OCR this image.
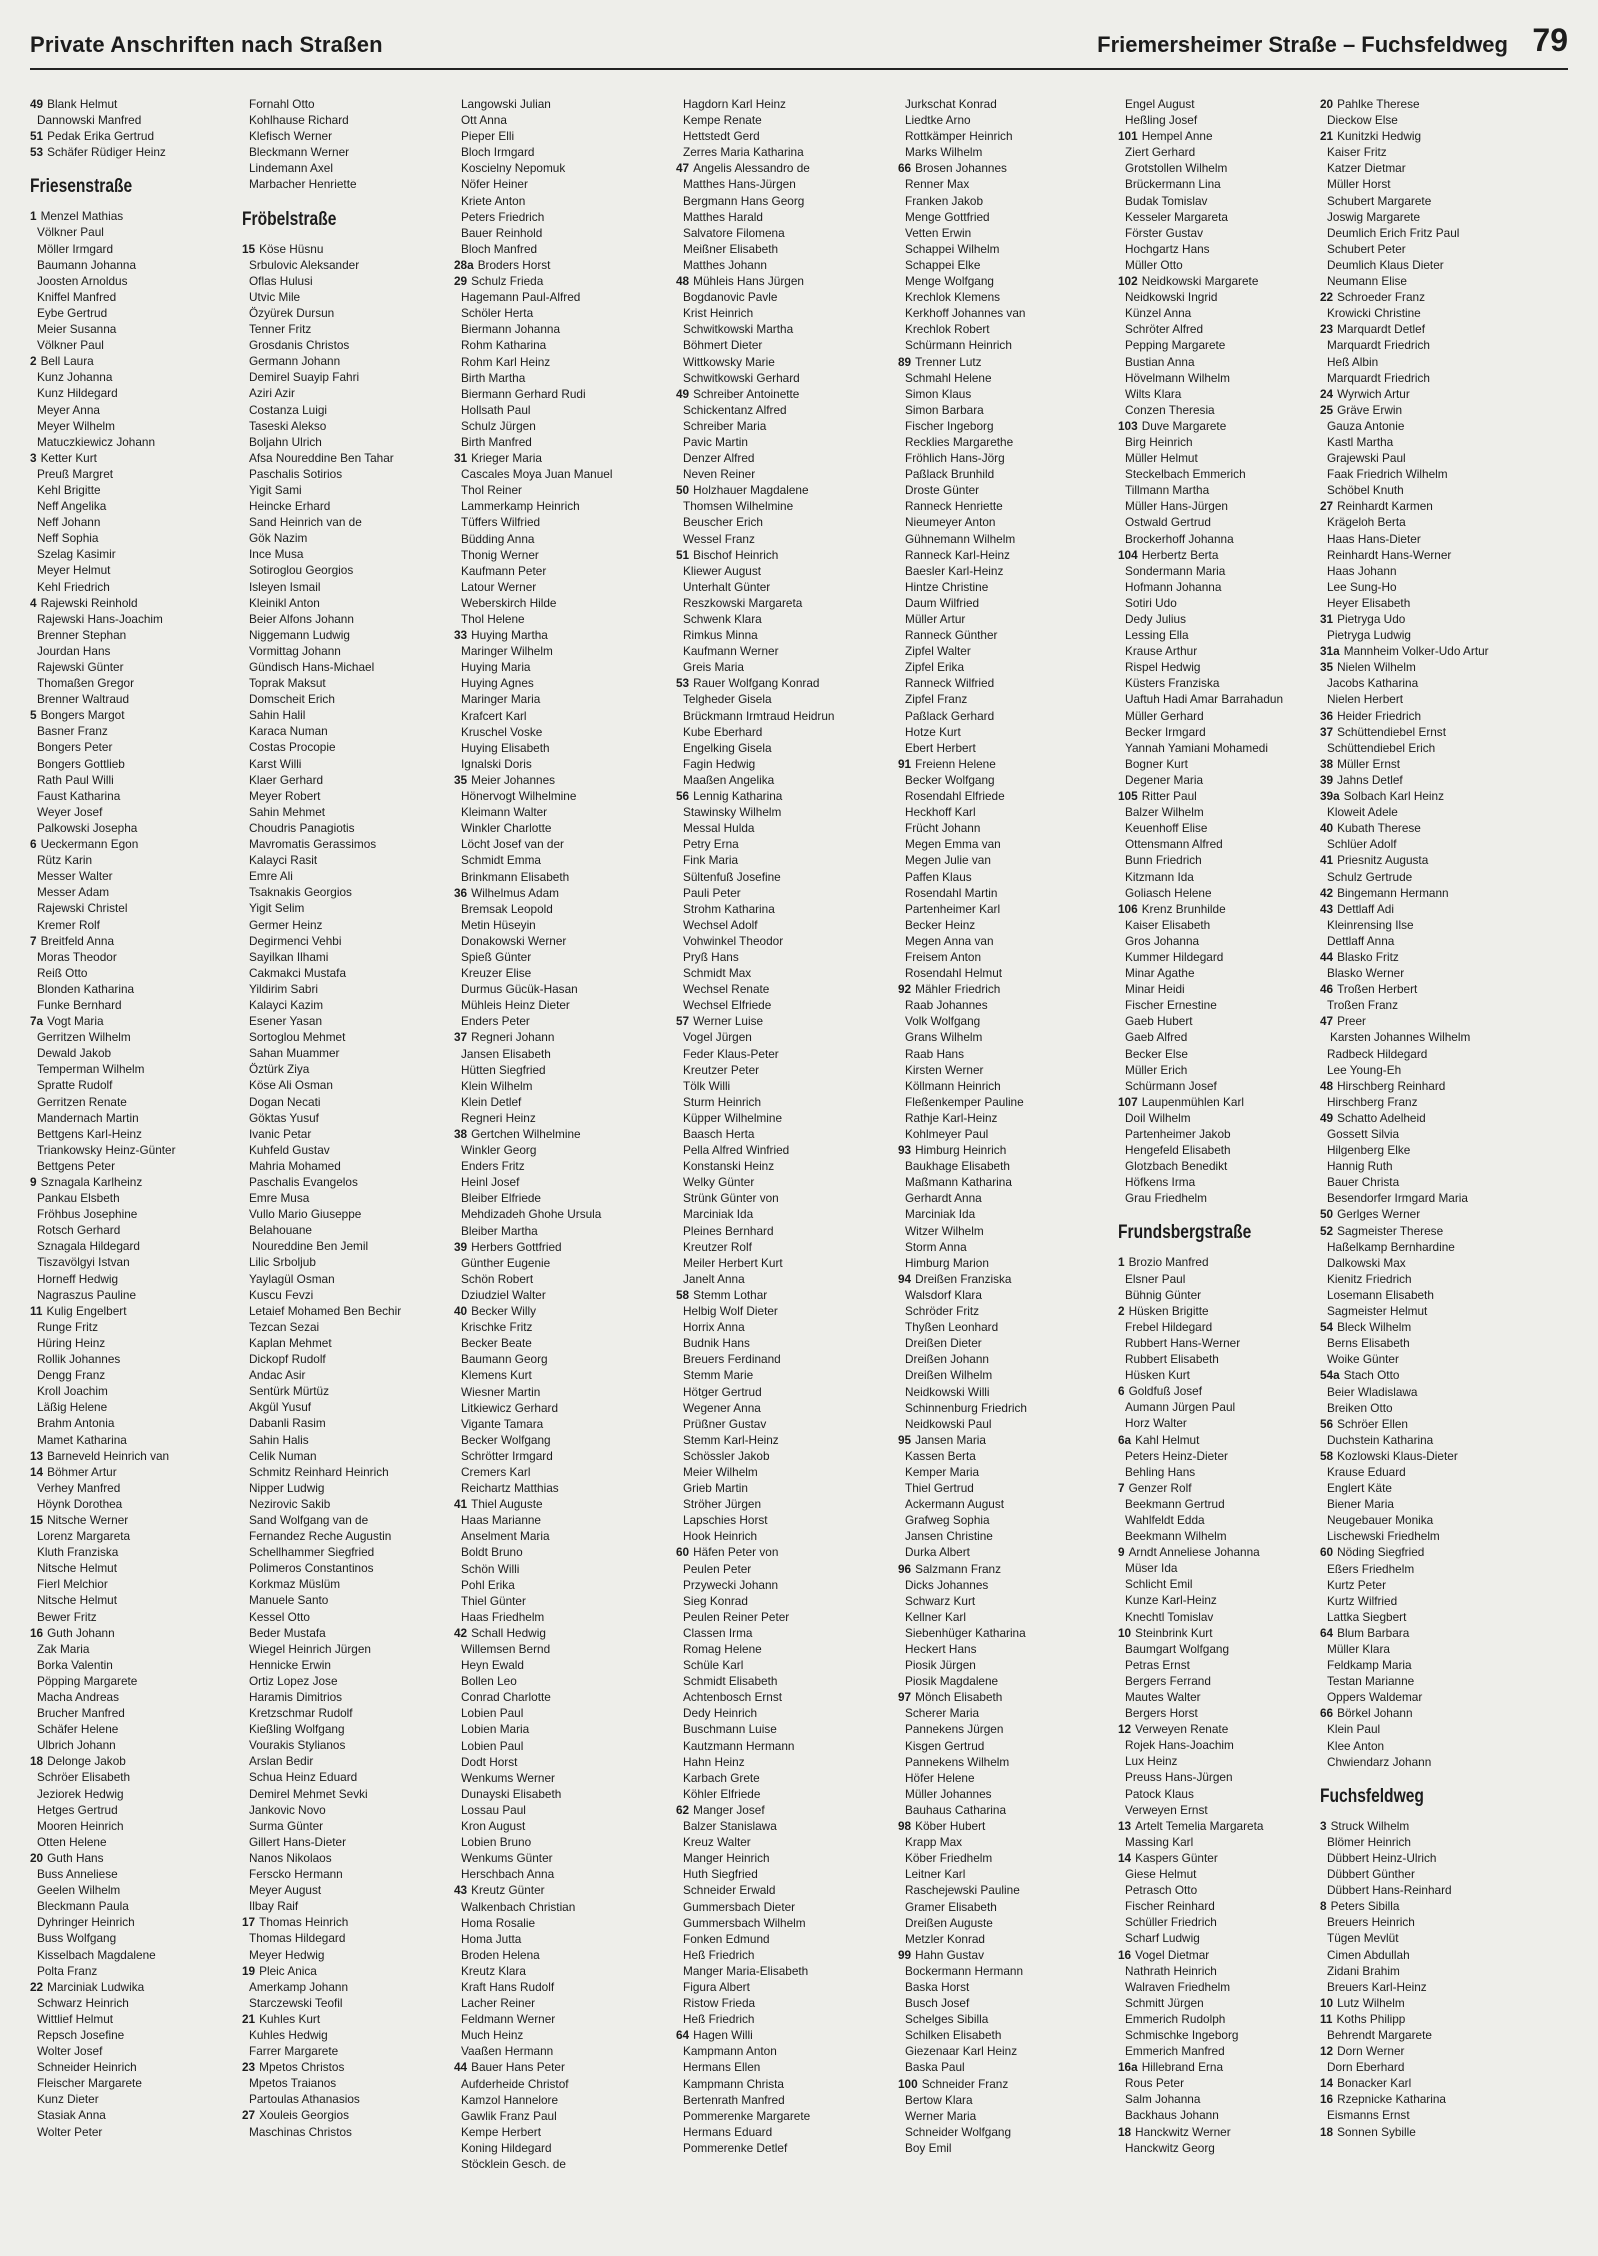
Private Anschriften nach Straßen	Friemersheimer Straße – Fuchsfeldweg 79
49 Blank Helmut
Dannowski Manfred
51 Pedak Erika Gertrud
53 Schäfer Rüdiger Heinz
Friesenstraße
1 Menzel Mathias
Völkner Paul
Möller Irmgard
Baumann Johanna
Joosten Arnoldus
Kniffel Manfred
Eybe Gertrud
Meier Susanna
Völkner Paul
2 Bell Laura
Kunz Johanna
Kunz Hildegard
Meyer Anna
Meyer Wilhelm
Matuczkiewicz Johann
3 Ketter Kurt
Preuß Margret
Kehl Brigitte
Neff Angelika
Neff Johann
Neff Sophia
Szelag Kasimir
Meyer Helmut
Kehl Friedrich
4 Rajewski Reinhold
Rajewski Hans-Joachim
Brenner Stephan
Jourdan Hans
Rajewski Günter
Thomaßen Gregor
Brenner Waltraud
5 Bongers Margot
Basner Franz
Bongers Peter
Bongers Gottlieb
Rath Paul Willi
Faust Katharina
Weyer Josef
Palkowski Josepha
6 Ueckermann Egon
Rütz Karin
Messer Walter
Messer Adam
Rajewski Christel
Kremer Rolf
7 Breitfeld Anna
Moras Theodor
Reiß Otto
Blonden Katharina
Funke Bernhard
7a Vogt Maria
Gerritzen Wilhelm
Dewald Jakob
Temperman Wilhelm
Spratte Rudolf
Gerritzen Renate
Mandernach Martin
Bettgens Karl-Heinz
Triankowsky Heinz-Günter
Bettgens Peter
9 Sznagala Karlheinz
Pankau Elsbeth
Fröhbus Josephine
Rotsch Gerhard
Sznagala Hildegard
Tiszavölgyi Istvan
Horneff Hedwig
Nagraszus Pauline
11 Kulig Engelbert
Runge Fritz
Hüring Heinz
Rollik Johannes
Dengg Franz
Kroll Joachim
Läßig Helene
Brahm Antonia
Mamet Katharina
13 Barneveld Heinrich van
14 Böhmer Artur
Verhey Manfred
Höynk Dorothea
15 Nitsche Werner
Lorenz Margareta
Kluth Franziska
Nitsche Helmut
Fierl Melchior
Nitsche Helmut
Bewer Fritz
16 Guth Johann
Zak Maria
Borka Valentin
Pöpping Margarete
Macha Andreas
Brucher Manfred
Schäfer Helene
Ulbrich Johann
18 Delonge Jakob
Schröer Elisabeth
Jeziorek Hedwig
Hetges Gertrud
Mooren Heinrich
Otten Helene
20 Guth Hans
Buss Anneliese
Geelen Wilhelm
Bleckmann Paula
Dyhringer Heinrich
Buss Wolfgang
Kisselbach Magdalene
Polta Franz
22 Marciniak Ludwika
Schwarz Heinrich
Wittlief Helmut
Repsch Josefine
Wolter Josef
Schneider Heinrich
Fleischer Margarete
Kunz Dieter
Stasiak Anna
Wolter Peter
Fornahl Otto
Kohlhause Richard
Klefisch Werner
Bleckmann Werner
Lindemann Axel
Marbacher Henriette
Fröbelstraße
15 Köse Hüsnu
Srbulovic Aleksander
Oflas Hulusi
Utvic Mile
Özyürek Dursun
Tenner Fritz
Grosdanis Christos
Germann Johann
Demirel Suayip Fahri
Aziri Azir
Costanza Luigi
Taseski Alekso
Boljahn Ulrich
Afsa Noureddine Ben Tahar
Paschalis Sotirios
Yigit Sami
Heincke Erhard
Sand Heinrich van de
Gök Nazim
Ince Musa
Sotiroglou Georgios
Isleyen Ismail
Kleinikl Anton
Beier Alfons Johann
Niggemann Ludwig
Vormittag Johann
Gündisch Hans-Michael
Toprak Maksut
Domscheit Erich
Sahin Halil
Karaca Numan
Costas Procopie
Karst Willi
Klaer Gerhard
Meyer Robert
Sahin Mehmet
Choudris Panagiotis
Mavromatis Gerassimos
Kalayci Rasit
Emre Ali
Tsaknakis Georgios
Yigit Selim
Germer Heinz
Degirmenci Vehbi
Sayilkan Ilhami
Cakmakci Mustafa
Yildirim Sabri
Kalayci Kazim
Esener Yasan
Sortoglou Mehmet
Sahan Muammer
Öztürk Ziya
Köse Ali Osman
Dogan Necati
Göktas Yusuf
Ivanic Petar
Kuhfeld Gustav
Mahria Mohamed
Paschalis Evangelos
Emre Musa
Vullo Mario Giuseppe
Belahouane
Noureddine Ben Jemil
Lilic Srboljub
Yaylagül Osman
Kuscu Fevzi
Letaief Mohamed Ben Bechir
Tezcan Sezai
Kaplan Mehmet
Dickopf Rudolf
Andac Asir
Sentürk Mürtüz
Akgül Yusuf
Dabanli Rasim
Sahin Halis
Celik Numan
Schmitz Reinhard Heinrich
Nipper Ludwig
Nezirovic Sakib
Sand Wolfgang van de
Fernandez Reche Augustin
Schellhammer Siegfried
Polimeros Constantinos
Korkmaz Müslüm
Manuele Santo
Kessel Otto
Beder Mustafa
Wiegel Heinrich Jürgen
Hennicke Erwin
Ortiz Lopez Jose
Haramis Dimitrios
Kretzschmar Rudolf
Kießling Wolfgang
Vourakis Stylianos
Arslan Bedir
Schua Heinz Eduard
Demirel Mehmet Sevki
Jankovic Novo
Surma Günter
Gillert Hans-Dieter
Nanos Nikolaos
Ferscko Hermann
Meyer August
Ilbay Raif
17 Thomas Heinrich
Thomas Hildegard
Meyer Hedwig
19 Pleic Anica
Amerkamp Johann
Starczewski Teofil
21 Kuhles Kurt
Kuhles Hedwig
Farrer Margarete
23 Mpetos Christos
Mpetos Traianos
Partoulas Athanasios
27 Xouleis Georgios
Maschinas Christos
Langowski Julian
Ott Anna
Pieper Elli
Bloch Irmgard
Koscielny Nepomuk
Nöfer Heiner
Kriete Anton
Peters Friedrich
Bauer Reinhold
Bloch Manfred
28a Broders Horst
29 Schulz Frieda
Hagemann Paul-Alfred
Schöler Herta
Biermann Johanna
Rohm Katharina
Rohm Karl Heinz
Birth Martha
Biermann Gerhard Rudi
Hollsath Paul
Schulz Jürgen
Birth Manfred
31 Krieger Maria
Cascales Moya Juan Manuel
Thol Reiner
Lammerkamp Heinrich
Tüffers Wilfried
Büdding Anna
Thonig Werner
Kaufmann Peter
Latour Werner
Weberskirch Hilde
Thol Helene
33 Huying Martha
Maringer Wilhelm
Huying Maria
Huying Agnes
Maringer Maria
Krafcert Karl
Kruschel Voske
Huying Elisabeth
Ignalski Doris
35 Meier Johannes
Hönervogt Wilhelmine
Kleimann Walter
Winkler Charlotte
Löcht Josef van der
Schmidt Emma
Brinkmann Elisabeth
36 Wilhelmus Adam
Bremsak Leopold
Metin Hüseyin
Donakowski Werner
Spieß Günter
Kreuzer Elise
Durmus Gücük-Hasan
Mühleis Heinz Dieter
Enders Peter
37 Regneri Johann
Jansen Elisabeth
Hütten Siegfried
Klein Wilhelm
Klein Detlef
Regneri Heinz
38 Gertchen Wilhelmine
Winkler Georg
Enders Fritz
Heinl Josef
Bleiber Elfriede
Mehdizadeh Ghohe Ursula
Bleiber Martha
39 Herbers Gottfried
Günther Eugenie
Schön Robert
Dziudziel Walter
40 Becker Willy
Krischke Fritz
Becker Beate
Baumann Georg
Klemens Kurt
Wiesner Martin
Litkiewicz Gerhard
Vigante Tamara
Becker Wolfgang
Schrötter Irmgard
Cremers Karl
Reichartz Matthias
41 Thiel Auguste
Haas Marianne
Anselment Maria
Boldt Bruno
Schön Willi
Pohl Erika
Thiel Günter
Haas Friedhelm
42 Schall Hedwig
Willemsen Bernd
Heyn Ewald
Bollen Leo
Conrad Charlotte
Lobien Paul
Lobien Maria
Lobien Paul
Dodt Horst
Wenkums Werner
Dunayski Elisabeth
Lossau Paul
Kron August
Lobien Bruno
Wenkums Günter
Herschbach Anna
43 Kreutz Günter
Walkenbach Christian
Homa Rosalie
Homa Jutta
Broden Helena
Kreutz Klara
Kraft Hans Rudolf
Lacher Reiner
Feldmann Werner
Much Heinz
Vaaßen Hermann
44 Bauer Hans Peter
Aufderheide Christof
Kamzol Hannelore
Gawlik Franz Paul
Kempe Herbert
Koning Hildegard
Stöcklein Gesch. de
Hagdorn Karl Heinz
Kempe Renate
Hettstedt Gerd
Zerres Maria Katharina
47 Angelis Alessandro de
Matthes Hans-Jürgen
Bergmann Hans Georg
Matthes Harald
Salvatore Filomena
Meißner Elisabeth
Matthes Johann
48 Mühleis Hans Jürgen
Bogdanovic Pavle
Krist Heinrich
Schwitkowski Martha
Böhmert Dieter
Wittkowsky Marie
Schwitkowski Gerhard
49 Schreiber Antoinette
Schickentanz Alfred
Schreiber Maria
Pavic Martin
Denzer Alfred
Neven Reiner
50 Holzhauer Magdalene
Thomsen Wilhelmine
Beuscher Erich
Wessel Franz
51 Bischof Heinrich
Kliewer August
Unterhalt Günter
Reszkowski Margareta
Schwenk Klara
Rimkus Minna
Kaufmann Werner
Greis Maria
53 Rauer Wolfgang Konrad
Telgheder Gisela
Brückmann Irmtraud Heidrun
Kube Eberhard
Engelking Gisela
Fagin Hedwig
Maaßen Angelika
56 Lennig Katharina
Stawinsky Wilhelm
Messal Hulda
Petry Erna
Fink Maria
Sültenfuß Josefine
Pauli Peter
Strohm Katharina
Wechsel Adolf
Vohwinkel Theodor
Pryß Hans
Schmidt Max
Wechsel Renate
Wechsel Elfriede
57 Werner Luise
Vogel Jürgen
Feder Klaus-Peter
Kreutzer Peter
Tölk Willi
Sturm Heinrich
Küpper Wilhelmine
Baasch Herta
Pella Alfred Winfried
Konstanski Heinz
Welky Günter
Strünk Günter von
Marciniak Ida
Pleines Bernhard
Kreutzer Rolf
Meiler Herbert Kurt
Janelt Anna
58 Stemm Lothar
Helbig Wolf Dieter
Horrix Anna
Budnik Hans
Breuers Ferdinand
Stemm Marie
Hötger Gertrud
Wegener Anna
Prüßner Gustav
Stemm Karl-Heinz
Schössler Jakob
Meier Wilhelm
Grieb Martin
Ströher Jürgen
Lapschies Horst
Hook Heinrich
60 Häfen Peter von
Peulen Peter
Przywecki Johann
Sieg Konrad
Peulen Reiner Peter
Classen Irma
Romag Helene
Schüle Karl
Schmidt Elisabeth
Achtenbosch Ernst
Dedy Heinrich
Buschmann Luise
Kautzmann Hermann
Hahn Heinz
Karbach Grete
Köhler Elfriede
62 Manger Josef
Balzer Stanislawa
Kreuz Walter
Manger Heinrich
Huth Siegfried
Schneider Erwald
Gummersbach Dieter
Gummersbach Wilhelm
Fonken Edmund
Heß Friedrich
Manger Maria-Elisabeth
Figura Albert
Ristow Frieda
Heß Friedrich
64 Hagen Willi
Kampmann Anton
Hermans Ellen
Kampmann Christa
Bertenrath Manfred
Pommerenke Margarete
Hermans Eduard
Pommerenke Detlef
Jurkschat Konrad
Liedtke Arno
Rottkämper Heinrich
Marks Wilhelm
66 Brosen Johannes
Renner Max
Franken Jakob
Menge Gottfried
Vetten Erwin
Schappei Wilhelm
Schappei Elke
Menge Wolfgang
Krechlok Klemens
Kerkhoff Johannes van
Krechlok Robert
Schürmann Heinrich
89 Trenner Lutz
Schmahl Helene
Simon Klaus
Simon Barbara
Fischer Ingeborg
Recklies Margarethe
Fröhlich Hans-Jörg
Paßlack Brunhild
Droste Günter
Ranneck Henriette
Nieumeyer Anton
Gühnemann Wilhelm
Ranneck Karl-Heinz
Baesler Karl-Heinz
Hintze Christine
Daum Wilfried
Müller Artur
Ranneck Günther
Zipfel Walter
Zipfel Erika
Ranneck Wilfried
Zipfel Franz
Paßlack Gerhard
Hotze Kurt
Ebert Herbert
91 Freienn Helene
Becker Wolfgang
Rosendahl Elfriede
Heckhoff Karl
Frücht Johann
Megen Emma van
Megen Julie van
Paffen Klaus
Rosendahl Martin
Partenheimer Karl
Becker Heinz
Megen Anna van
Freisem Anton
Rosendahl Helmut
92 Mähler Friedrich
Raab Johannes
Volk Wolfgang
Grans Wilhelm
Raab Hans
Kirsten Werner
Köllmann Heinrich
Fleßenkemper Pauline
Rathje Karl-Heinz
Kohlmeyer Paul
93 Himburg Heinrich
Baukhage Elisabeth
Maßmann Katharina
Gerhardt Anna
Marciniak Ida
Witzer Wilhelm
Storm Anna
Himburg Marion
94 Dreißen Franziska
Walsdorf Klara
Schröder Fritz
Thyßen Leonhard
Dreißen Dieter
Dreißen Johann
Dreißen Wilhelm
Neidkowski Willi
Schinnenburg Friedrich
Neidkowski Paul
95 Jansen Maria
Kassen Berta
Kemper Maria
Thiel Gertrud
Ackermann August
Grafweg Sophia
Jansen Christine
Durka Albert
96 Salzmann Franz
Dicks Johannes
Schwarz Kurt
Kellner Karl
Siebenhüger Katharina
Heckert Hans
Piosik Jürgen
Piosik Magdalene
97 Mönch Elisabeth
Scherer Maria
Pannekens Jürgen
Kisgen Gertrud
Pannekens Wilhelm
Höfer Helene
Müller Johannes
Bauhaus Catharina
98 Köber Hubert
Krapp Max
Köber Friedhelm
Leitner Karl
Raschejewski Pauline
Gramer Elisabeth
Dreißen Auguste
Metzler Konrad
99 Hahn Gustav
Bockermann Hermann
Baska Horst
Busch Josef
Schelges Sibilla
Schilken Elisabeth
Giezenaar Karl Heinz
Baska Paul
100 Schneider Franz
Bertow Klara
Werner Maria
Schneider Wolfgang
Boy Emil
Engel August
Heßling Josef
101 Hempel Anne
Ziert Gerhard
Grotstollen Wilhelm
Brückermann Lina
Budak Tomislav
Kesseler Margareta
Förster Gustav
Hochgartz Hans
Müller Otto
102 Neidkowski Margarete
Neidkowski Ingrid
Künzel Anna
Schröter Alfred
Pepping Margarete
Bustian Anna
Hövelmann Wilhelm
Wilts Klara
Conzen Theresia
103 Duve Margarete
Birg Heinrich
Müller Helmut
Steckelbach Emmerich
Tillmann Martha
Müller Hans-Jürgen
Ostwald Gertrud
Brockerhoff Johanna
104 Herbertz Berta
Sondermann Maria
Hofmann Johanna
Sotiri Udo
Dedy Julius
Lessing Ella
Krause Arthur
Rispel Hedwig
Küsters Franziska
Uaftuh Hadi Amar Barrahadun
Müller Gerhard
Becker Irmgard
Yannah Yamiani Mohamedi
Bogner Kurt
Degener Maria
105 Ritter Paul
Balzer Wilhelm
Keuenhoff Elise
Ottensmann Alfred
Bunn Friedrich
Kitzmann Ida
Goliasch Helene
106 Krenz Brunhilde
Kaiser Elisabeth
Gros Johanna
Kummer Hildegard
Minar Agathe
Minar Heidi
Fischer Ernestine
Gaeb Hubert
Gaeb Alfred
Becker Else
Müller Erich
Schürmann Josef
107 Laupenmühlen Karl
Doil Wilhelm
Partenheimer Jakob
Hengefeld Elisabeth
Glotzbach Benedikt
Höfkens Irma
Grau Friedhelm
Frundsbergstraße
1 Brozio Manfred
Elsner Paul
Bühnig Günter
2 Hüsken Brigitte
Frebel Hildegard
Rubbert Hans-Werner
Rubbert Elisabeth
Hüsken Kurt
6 Goldfuß Josef
Aumann Jürgen Paul
Horz Walter
6a Kahl Helmut
Peters Heinz-Dieter
Behling Hans
7 Genzer Rolf
Beekmann Gertrud
Wahlfeldt Edda
Beekmann Wilhelm
9 Arndt Anneliese Johanna
Müser Ida
Schlicht Emil
Kunze Karl-Heinz
Knechtl Tomislav
10 Steinbrink Kurt
Baumgart Wolfgang
Petras Ernst
Bergers Ferrand
Mautes Walter
Bergers Horst
12 Verweyen Renate
Rojek Hans-Joachim
Lux Heinz
Preuss Hans-Jürgen
Patock Klaus
Verweyen Ernst
13 Artelt Temelia Margareta
Massing Karl
14 Kaspers Günter
Giese Helmut
Petrasch Otto
Fischer Reinhard
Schüller Friedrich
Scharf Ludwig
16 Vogel Dietmar
Nathrath Heinrich
Walraven Friedhelm
Schmitt Jürgen
Emmerich Rudolph
Schmischke Ingeborg
Emmerich Manfred
16a Hillebrand Erna
Rous Peter
Salm Johanna
Backhaus Johann
18 Hanckwitz Werner
Hanckwitz Georg
20 Pahlke Therese
Dieckow Else
21 Kunitzki Hedwig
Kaiser Fritz
Katzer Dietmar
Müller Horst
Schubert Margarete
Joswig Margarete
Deumlich Erich Fritz Paul
Schubert Peter
Deumlich Klaus Dieter
Neumann Elise
22 Schroeder Franz
Krowicki Christine
23 Marquardt Detlef
Marquardt Friedrich
Heß Albin
Marquardt Friedrich
24 Wyrwich Artur
25 Gräve Erwin
Gauza Antonie
Kastl Martha
Grajewski Paul
Faak Friedrich Wilhelm
Schöbel Knuth
27 Reinhardt Karmen
Krägeloh Berta
Haas Hans-Dieter
Reinhardt Hans-Werner
Haas Johann
Lee Sung-Ho
Heyer Elisabeth
31 Pietryga Udo
Pietryga Ludwig
31a Mannheim Volker-Udo Artur
35 Nielen Wilhelm
Jacobs Katharina
Nielen Herbert
36 Heider Friedrich
37 Schüttendiebel Ernst
Schüttendiebel Erich
38 Müller Ernst
39 Jahns Detlef
39a Solbach Karl Heinz
Kloweit Adele
40 Kubath Therese
Schlüer Adolf
41 Priesnitz Augusta
Schulz Gertrude
42 Bingemann Hermann
43 Dettlaff Adi
Kleinrensing Ilse
Dettlaff Anna
44 Blasko Fritz
Blasko Werner
46 Troßen Herbert
Troßen Franz
47 Preer
Karsten Johannes Wilhelm
Radbeck Hildegard
Lee Young-Eh
48 Hirschberg Reinhard
Hirschberg Franz
49 Schatto Adelheid
Gossett Silvia
Hilgenberg Elke
Hannig Ruth
Bauer Christa
Besendorfer Irmgard Maria
50 Gerlges Werner
52 Sagmeister Therese
Haßelkamp Bernhardine
Dalkowski Max
Kienitz Friedrich
Losemann Elisabeth
Sagmeister Helmut
54 Bleck Wilhelm
Berns Elisabeth
Woike Günter
54a Stach Otto
Beier Wladislawa
Breiken Otto
56 Schröer Ellen
Duchstein Katharina
58 Kozlowski Klaus-Dieter
Krause Eduard
Englert Käte
Biener Maria
Neugebauer Monika
Lischewski Friedhelm
60 Nöding Siegfried
Eßers Friedhelm
Kurtz Peter
Kurtz Wilfried
Lattka Siegbert
64 Blum Barbara
Müller Klara
Feldkamp Maria
Testan Marianne
Oppers Waldemar
66 Börkel Johann
Klein Paul
Klee Anton
Chwiendarz Johann
Fuchsfeldweg
3 Struck Wilhelm
Blömer Heinrich
Dübbert Heinz-Ulrich
Dübbert Günther
Dübbert Hans-Reinhard
8 Peters Sibilla
Breuers Heinrich
Tügen Mevlüt
Cimen Abdullah
Zidani Brahim
Breuers Karl-Heinz
10 Lutz Wilhelm
11 Koths Philipp
Behrendt Margarete
12 Dorn Werner
Dorn Eberhard
14 Bonacker Karl
16 Rzepnicke Katharina
Eismanns Ernst
18 Sonnen Sybille
